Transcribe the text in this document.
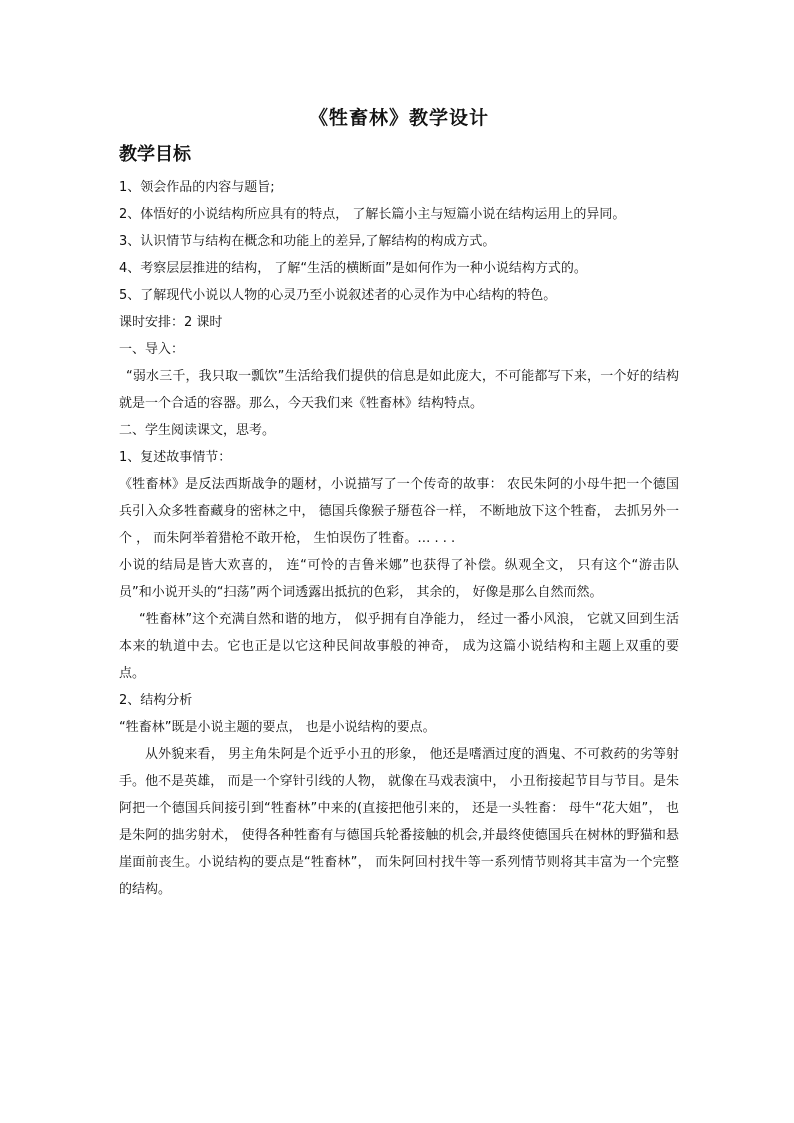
《牲畜林》教学设计
教学目标

1、领会作品的内容与题旨;

2、体悟好的小说结构所应具有的特点， 了解长篇小主与短篇小说在结构运用上的异同。

3、认识情节与结构在概念和功能上的差异,了解结构的构成方式。

4、考察层层推进的结构， 了解“生活的横断面”是如何作为一种小说结构方式的。

5、了解现代小说以人物的心灵乃至小说叙述者的心灵作为中心结构的特色。

课时安排：2 课时

一、导入：

“弱水三千，我只取一瓢饮”生活给我们提供的信息是如此庞大，不可能都写下来，一个好的结构就是一个合适的容器。那么，今天我们来《牲畜林》结构特点。

二、学生阅读课文，思考。

1、复述故事情节：

《牲畜林》是反法西斯战争的题材，小说描写了一个传奇的故事： 农民朱阿的小母牛把一个德国兵引入众多牲畜藏身的密林之中， 德国兵像猴子掰苞谷一样， 不断地放下这个牲畜， 去抓另外一个 ， 而朱阿举着猎枪不敢开枪， 生怕误伤了牲畜。… . . .

小说的结局是皆大欢喜的， 连“可怜的吉鲁米娜”也获得了补偿。纵观全文， 只有这个“游击队员”和小说开头的“扫荡”两个词透露出抵抗的色彩， 其余的， 好像是那么自然而然。

“牲畜林”这个充满自然和谐的地方， 似乎拥有自净能力， 经过一番小风浪， 它就又回到生活本来的轨道中去。它也正是以它这种民间故事般的神奇， 成为这篇小说结构和主题上双重的要点。

2、结构分析

“牲畜林”既是小说主题的要点， 也是小说结构的要点。

从外貌来看， 男主角朱阿是个近乎小丑的形象， 他还是嗜酒过度的酒鬼、不可救药的劣等射手。他不是英雄， 而是一个穿针引线的人物， 就像在马戏表演中， 小丑衔接起节目与节目。是朱阿把一个德国兵间接引到“牲畜林”中来的(直接把他引来的， 还是一头牲畜： 母牛“花大姐”， 也是朱阿的拙劣射术， 使得各种牲畜有与德国兵轮番接触的机会,并最终使德国兵在树林的野猫和悬崖面前丧生。小说结构的要点是“牲畜林”， 而朱阿回村找牛等一系列情节则将其丰富为一个完整的结构。
